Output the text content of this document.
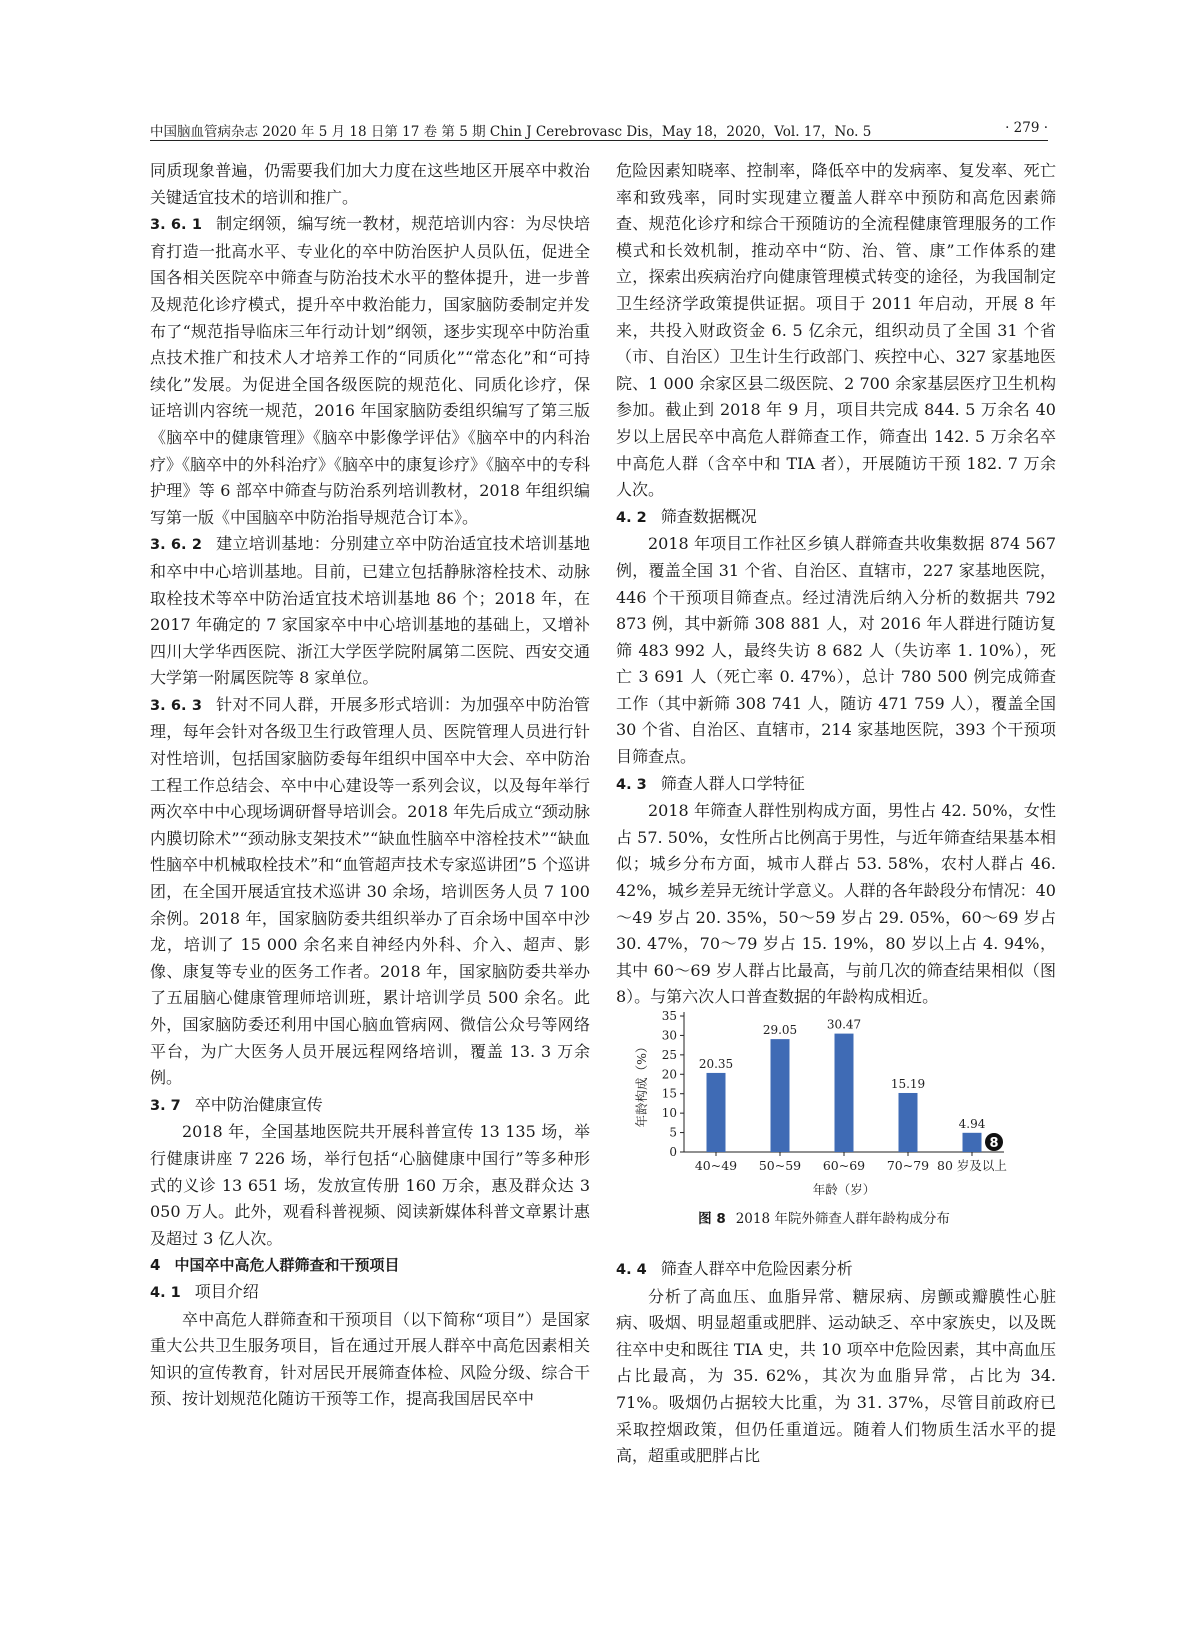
中国脑血管病杂志 2020 年 5 月 18 日第 17 卷 第 5 期 Chin J Cerebrovasc Dis，May 18，2020，Vol. 17，No. 5	· 279 ·

同质现象普遍，仍需要我们加大力度在这些地区开展卒中救治关键适宜技术的培训和推广。

3. 6. 1 制定纲领，编写统一教材，规范培训内容：为尽快培育打造一批高水平、专业化的卒中防治医护人员队伍，促进全国各相关医院卒中筛查与防治技术水平的整体提升，进一步普及规范化诊疗模式，提升卒中救治能力，国家脑防委制定并发布了“规范指导临床三年行动计划”纲领，逐步实现卒中防治重点技术推广和技术人才培养工作的“同质化”“常态化”和“可持续化”发展。为促进全国各级医院的规范化、同质化诊疗，保证培训内容统一规范，2016 年国家脑防委组织编写了第三版《脑卒中的健康管理》《脑卒中影像学评估》《脑卒中的内科治疗》《脑卒中的外科治疗》《脑卒中的康复诊疗》《脑卒中的专科护理》等 6 部卒中筛查与防治系列培训教材，2018 年组织编写第一版《中国脑卒中防治指导规范合订本》。

3. 6. 2 建立培训基地：分别建立卒中防治适宜技术培训基地和卒中中心培训基地。目前，已建立包括静脉溶栓技术、动脉取栓技术等卒中防治适宜技术培训基地 86 个；2018 年，在 2017 年确定的 7 家国家卒中中心培训基地的基础上，又增补四川大学华西医院、浙江大学医学院附属第二医院、西安交通大学第一附属医院等 8 家单位。

3. 6. 3 针对不同人群，开展多形式培训：为加强卒中防治管理，每年会针对各级卫生行政管理人员、医院管理人员进行针对性培训，包括国家脑防委每年组织中国卒中大会、卒中防治工程工作总结会、卒中中心建设等一系列会议，以及每年举行两次卒中中心现场调研督导培训会。2018 年先后成立“颈动脉内膜切除术”“颈动脉支架技术”“缺血性脑卒中溶栓技术”“缺血性脑卒中机械取栓技术”和“血管超声技术专家巡讲团”5 个巡讲团，在全国开展适宜技术巡讲 30 余场，培训医务人员 7 100 余例。2018 年，国家脑防委共组织举办了百余场中国卒中沙龙，培训了 15 000 余名来自神经内外科、介入、超声、影像、康复等专业的医务工作者。2018 年，国家脑防委共举办了五届脑心健康管理师培训班，累计培训学员 500 余名。此外，国家脑防委还利用中国心脑血管病网、微信公众号等网络平台，为广大医务人员开展远程网络培训，覆盖 13. 3 万余例。

3. 7 卒中防治健康宣传

2018 年，全国基地医院共开展科普宣传 13 135 场，举行健康讲座 7 226 场，举行包括“心脑健康中国行”等多种形式的义诊 13 651 场，发放宣传册 160 万余，惠及群众达 3 050 万人。此外，观看科普视频、阅读新媒体科普文章累计惠及超过 3 亿人次。

4 中国卒中高危人群筛查和干预项目
4. 1 项目介绍

卒中高危人群筛查和干预项目（以下简称“项目”）是国家重大公共卫生服务项目，旨在通过开展人群卒中高危因素相关知识的宣传教育，针对居民开展筛查体检、风险分级、综合干预、按计划规范化随访干预等工作，提高我国居民卒中

危险因素知晓率、控制率，降低卒中的发病率、复发率、死亡率和致残率，同时实现建立覆盖人群卒中预防和高危因素筛查、规范化诊疗和综合干预随访的全流程健康管理服务的工作模式和长效机制，推动卒中“防、治、管、康”工作体系的建立，探索出疾病治疗向健康管理模式转变的途径，为我国制定卫生经济学政策提供证据。项目于 2011 年启动，开展 8 年来，共投入财政资金 6. 5 亿余元，组织动员了全国 31 个省（市、自治区）卫生计生行政部门、疾控中心、327 家基地医院、1 000 余家区县二级医院、2 700 余家基层医疗卫生机构参加。截止到 2018 年 9 月，项目共完成 844. 5 万余名 40 岁以上居民卒中高危人群筛查工作，筛查出 142. 5 万余名卒中高危人群（含卒中和 TIA 者），开展随访干预 182. 7 万余人次。

4. 2 筛查数据概况

2018 年项目工作社区乡镇人群筛查共收集数据 874 567 例，覆盖全国 31 个省、自治区、直辖市，227 家基地医院，446 个干预项目筛查点。经过清洗后纳入分析的数据共 792 873 例，其中新筛 308 881 人，对 2016 年人群进行随访复筛 483 992 人，最终失访 8 682 人（失访率 1. 10%），死亡 3 691 人（死亡率 0. 47%），总计 780 500 例完成筛查工作（其中新筛 308 741 人，随访 471 759 人），覆盖全国 30 个省、自治区、直辖市，214 家基地医院，393 个干预项目筛查点。

4. 3 筛查人群人口学特征

2018 年筛查人群性别构成方面，男性占 42. 50%，女性占 57. 50%，女性所占比例高于男性，与近年筛查结果基本相似；城乡分布方面，城市人群占 53. 58%，农村人群占 46. 42%，城乡差异无统计学意义。人群的各年龄段分布情况：40～49 岁占 20. 35%，50～59 岁占 29. 05%，60～69 岁占 30. 47%，70～79 岁占 15. 19%，80 岁以上占 4. 94%，其中 60～69 岁人群占比最高，与前几次的筛查结果相似（图 8）。与第六次人口普查数据的年龄构成相近。

0
5
10
15
20
25
30
35
年龄构成（%）	20.35
40~49
29.05
50~59
30.47
60~69
15.19
70~79
4.94
80 岁及以上
年龄（岁）
8
图 8 2018 年院外筛查人群年龄构成分布
4. 4 筛查人群卒中危险因素分析

分析了高血压、血脂异常、糖尿病、房颤或瓣膜性心脏病、吸烟、明显超重或肥胖、运动缺乏、卒中家族史，以及既往卒中史和既往 TIA 史，共 10 项卒中危险因素，其中高血压占比最高，为 35. 62%，其次为血脂异常，占比为 34. 71%。吸烟仍占据较大比重，为 31. 37%，尽管目前政府已采取控烟政策，但仍任重道远。随着人们物质生活水平的提高，超重或肥胖占比
